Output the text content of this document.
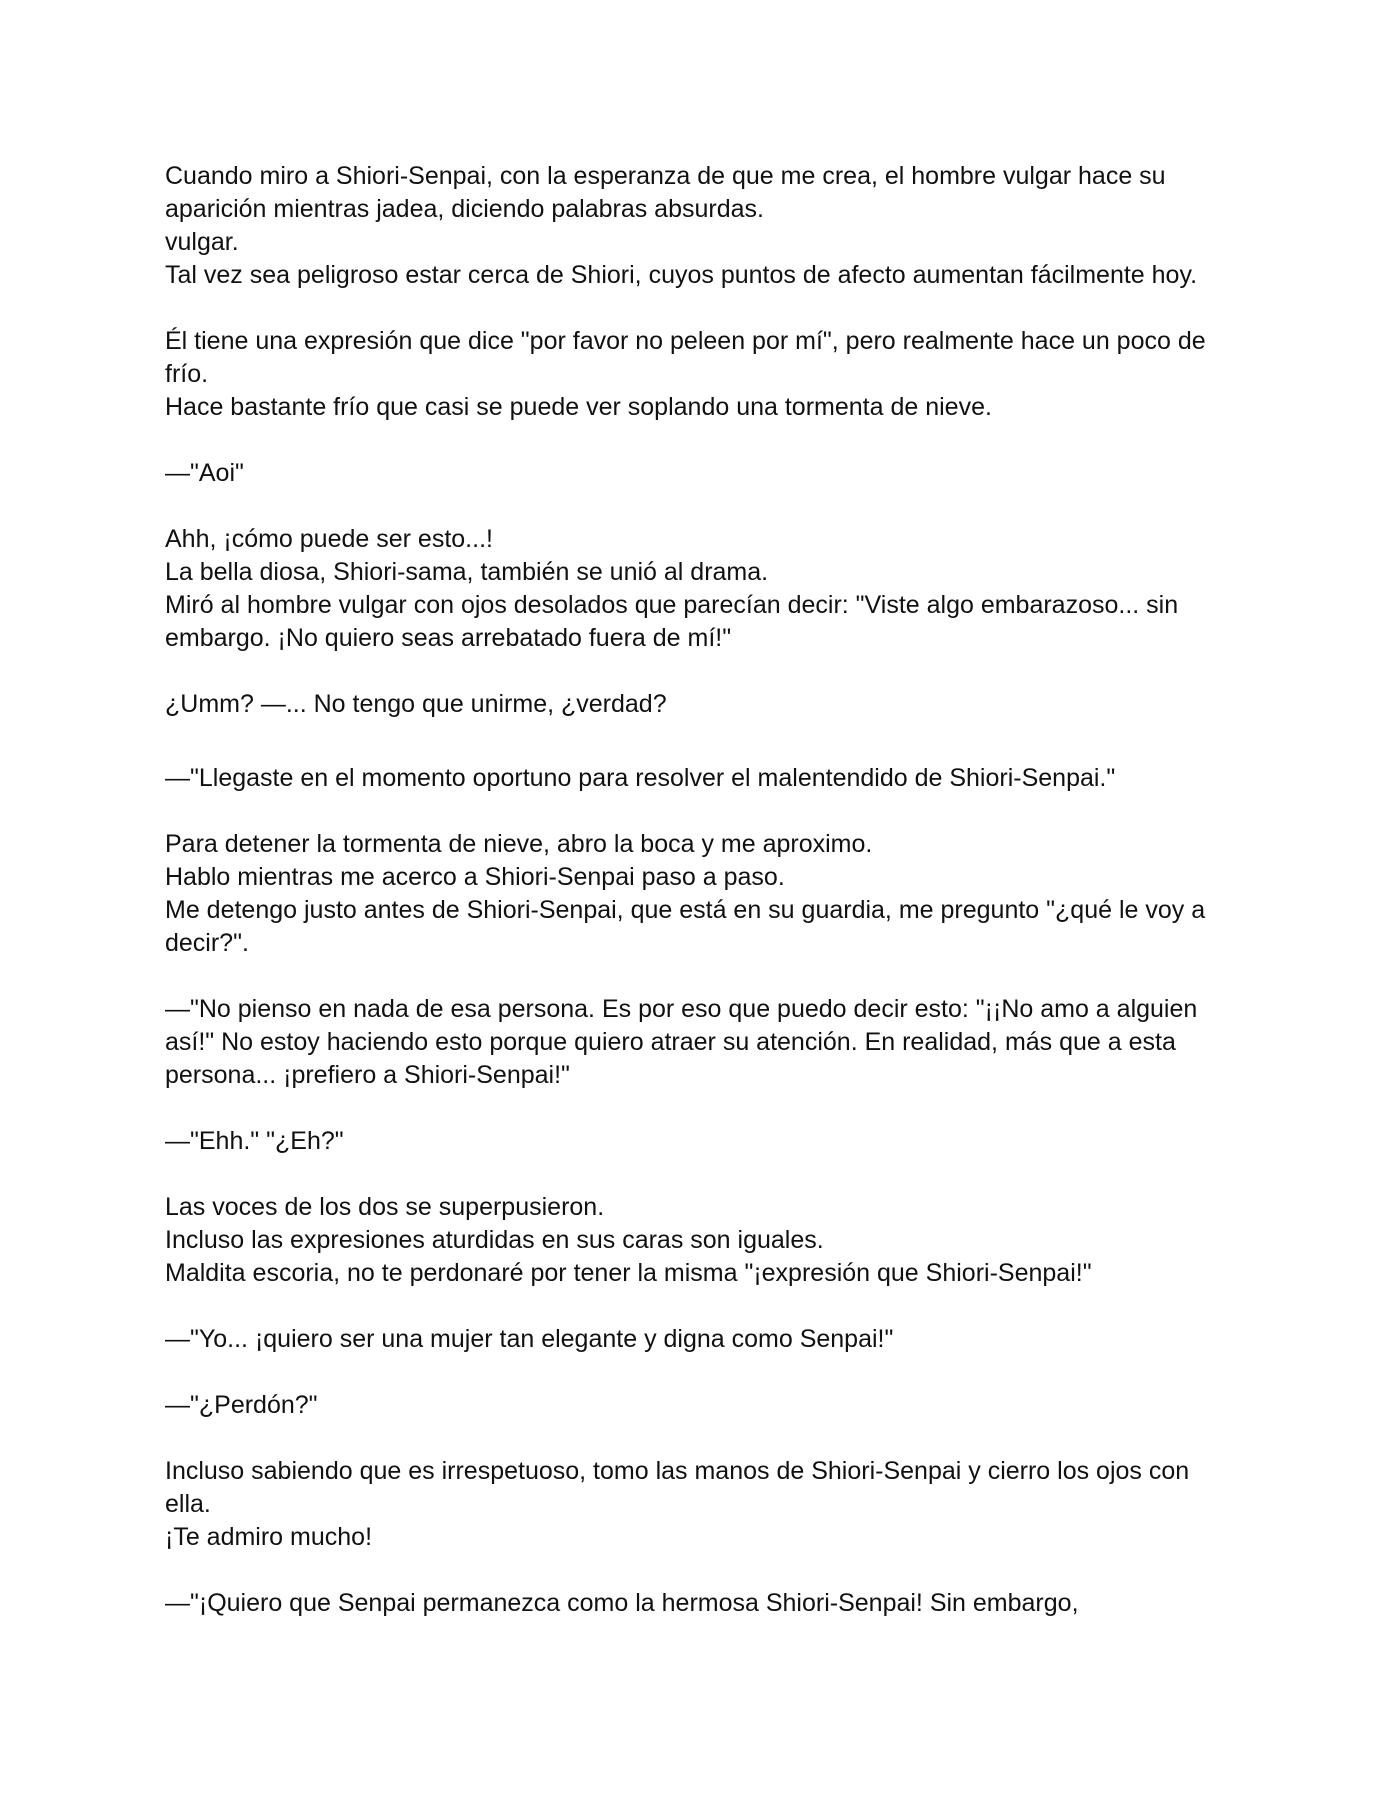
Cuando miro a Shiori-Senpai, con la esperanza de que me crea, el hombre vulgar hace su
aparición mientras jadea, diciendo palabras absurdas.
vulgar.
Tal vez sea peligroso estar cerca de Shiori, cuyos puntos de afecto aumentan fácilmente hoy.

Él tiene una expresión que dice "por favor no peleen por mí", pero realmente hace un poco de
frío.
Hace bastante frío que casi se puede ver soplando una tormenta de nieve.

—"Aoi"

Ahh, ¡cómo puede ser esto...!
La bella diosa, Shiori-sama, también se unió al drama.
Miró al hombre vulgar con ojos desolados que parecían decir: "Viste algo embarazoso... sin
embargo. ¡No quiero seas arrebatado fuera de mí!"

¿Umm? —... No tengo que unirme, ¿verdad?

—"Llegaste en el momento oportuno para resolver el malentendido de Shiori-Senpai."

Para detener la tormenta de nieve, abro la boca y me aproximo.
Hablo mientras me acerco a Shiori-Senpai paso a paso.
Me detengo justo antes de Shiori-Senpai, que está en su guardia, me pregunto "¿qué le voy a
decir?".

—"No pienso en nada de esa persona. Es por eso que puedo decir esto: "¡¡No amo a alguien
así!" No estoy haciendo esto porque quiero atraer su atención. En realidad, más que a esta
persona... ¡prefiero a Shiori-Senpai!"

—"Ehh." "¿Eh?"

Las voces de los dos se superpusieron.
Incluso las expresiones aturdidas en sus caras son iguales.
Maldita escoria, no te perdonaré por tener la misma "¡expresión que Shiori-Senpai!"

—"Yo... ¡quiero ser una mujer tan elegante y digna como Senpai!"

—"¿Perdón?"

Incluso sabiendo que es irrespetuoso, tomo las manos de Shiori-Senpai y cierro los ojos con
ella.
¡Te admiro mucho!

—"¡Quiero que Senpai permanezca como la hermosa Shiori-Senpai! Sin embargo,
